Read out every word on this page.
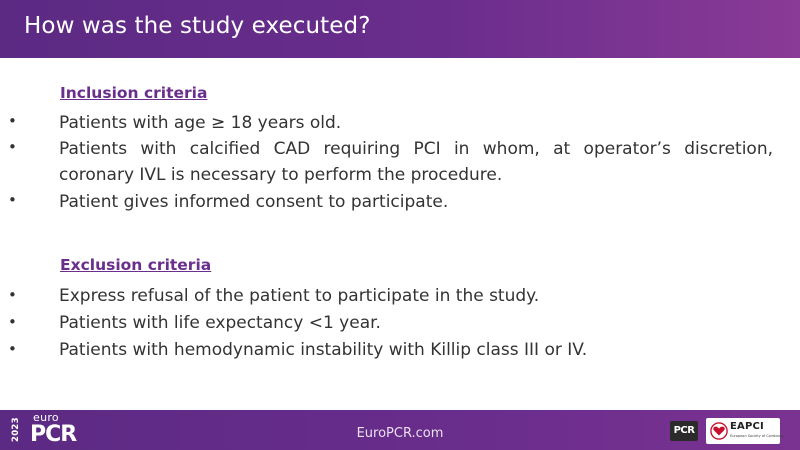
How was the study executed?
Inclusion criteria
• Patients with age ≥ 18 years old.
• Patients with calcified CAD requiring PCI in whom, at operator’s discretion, coronary IVL is necessary to perform the procedure.
• Patient gives informed consent to participate.
Exclusion criteria
• Express refusal of the patient to participate in the study.
• Patients with life expectancy <1 year.
• Patients with hemodynamic instability with Killip class III or IV.
2023
euro
PCR	EuroPCR.com	PCR	EAPCI
European Society of Cardiology
